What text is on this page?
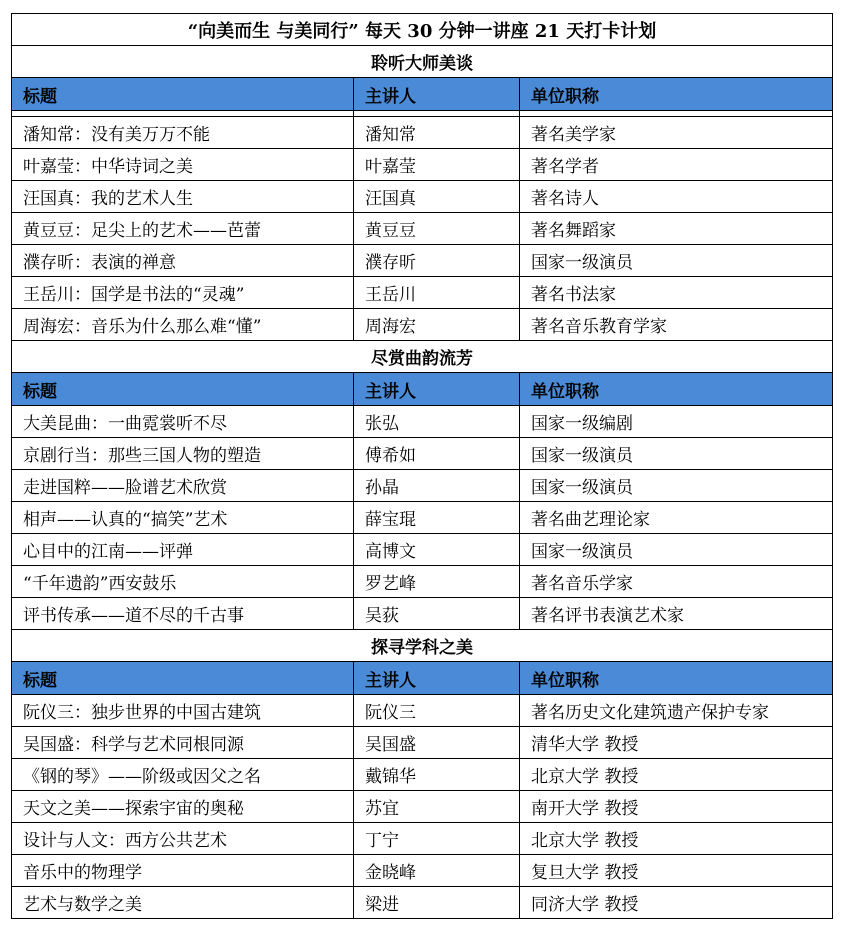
“向美而生 与美同行” 每天 30 分钟一讲座 21 天打卡计划		
聆听大师美谈		
标题	主讲人	单位职称

潘知常：没有美万万不能	潘知常	著名美学家
叶嘉莹：中华诗词之美	叶嘉莹	著名学者
汪国真：我的艺术人生	汪国真	著名诗人
黄豆豆：足尖上的艺术——芭蕾	黄豆豆	著名舞蹈家
濮存昕：表演的禅意	濮存昕	国家一级演员
王岳川：国学是书法的“灵魂”	王岳川	著名书法家
周海宏：音乐为什么那么难“懂”	周海宏	著名音乐教育学家
尽赏曲韵流芳		
标题	主讲人	单位职称
大美昆曲：一曲霓裳听不尽	张弘	国家一级编剧
京剧行当：那些三国人物的塑造	傅希如	国家一级演员
走进国粹——脸谱艺术欣赏	孙晶	国家一级演员
相声——认真的“搞笑”艺术	薛宝琨	著名曲艺理论家
心目中的江南——评弹	高博文	国家一级演员
“千年遗韵”西安鼓乐	罗艺峰	著名音乐学家
评书传承——道不尽的千古事	吴荻	著名评书表演艺术家
探寻学科之美		
标题	主讲人	单位职称
阮仪三：独步世界的中国古建筑	阮仪三	著名历史文化建筑遗产保护专家
吴国盛：科学与艺术同根同源	吴国盛	清华大学 教授
《钢的琴》——阶级或因父之名	戴锦华	北京大学 教授
天文之美——探索宇宙的奥秘	苏宜	南开大学 教授
设计与人文：西方公共艺术	丁宁	北京大学 教授
音乐中的物理学	金晓峰	复旦大学 教授
艺术与数学之美	梁进	同济大学 教授
